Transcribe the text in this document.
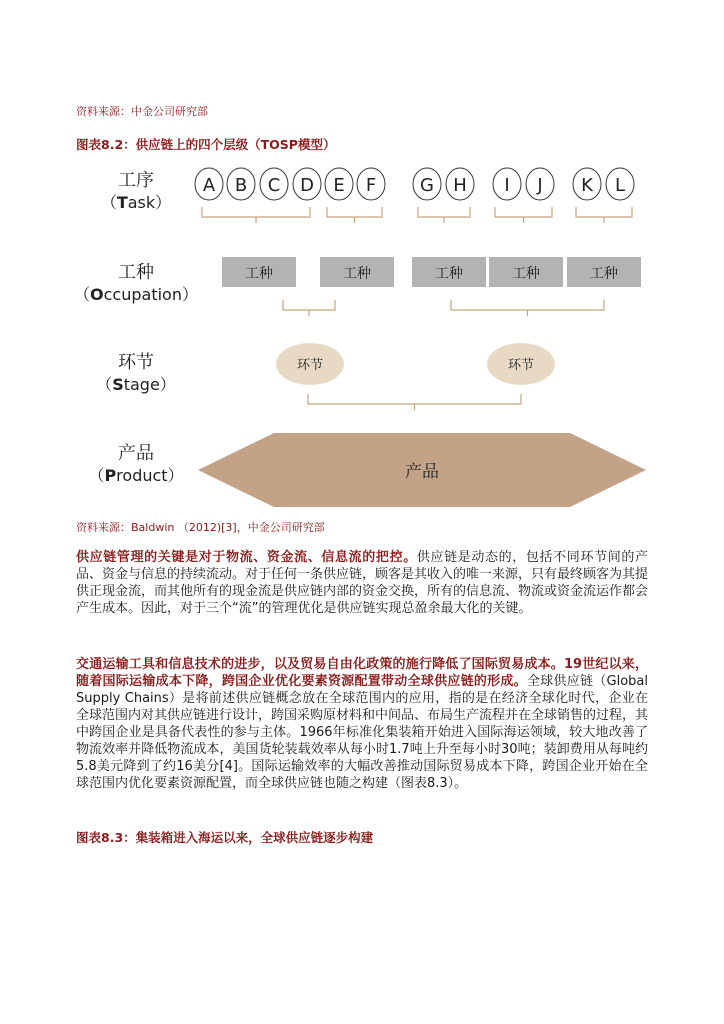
资料来源：中金公司研究部
图表8.2：供应链上的四个层级（TOSP模型）
工序
（Task）
工种
（Occupation）
环节
（Stage）
产品
（Product）
A B C D E F G H I J K L
工种	工种	工种	工种	工种
环节	环节
产品
资料来源：Baldwin （2012)[3]，中金公司研究部
供应链管理的关键是对于物流、资金流、信息流的把控。供应链是动态的，包括不同环节间的产品、资金与信息的持续流动。对于任何一条供应链，顾客是其收入的唯一来源，只有最终顾客为其提供正现金流，而其他所有的现金流是供应链内部的资金交换，所有的信息流、物流或资金流运作都会产生成本。因此，对于三个“流”的管理优化是供应链实现总盈余最大化的关键。
交通运输工具和信息技术的进步，以及贸易自由化政策的施行降低了国际贸易成本。19世纪以来，随着国际运输成本下降，跨国企业优化要素资源配置带动全球供应链的形成。全球供应链（Global Supply Chains）是将前述供应链概念放在全球范围内的应用，指的是在经济全球化时代，企业在全球范围内对其供应链进行设计，跨国采购原材料和中间品、布局生产流程并在全球销售的过程，其中跨国企业是具备代表性的参与主体。1966年标准化集装箱开始进入国际海运领域，较大地改善了物流效率并降低物流成本，美国货轮装载效率从每小时1.7吨上升至每小时30吨；装卸费用从每吨约5.8美元降到了约16美分[4]。国际运输效率的大幅改善推动国际贸易成本下降，跨国企业开始在全球范围内优化要素资源配置，而全球供应链也随之构建（图表8.3）。
图表8.3：集装箱进入海运以来，全球供应链逐步构建
